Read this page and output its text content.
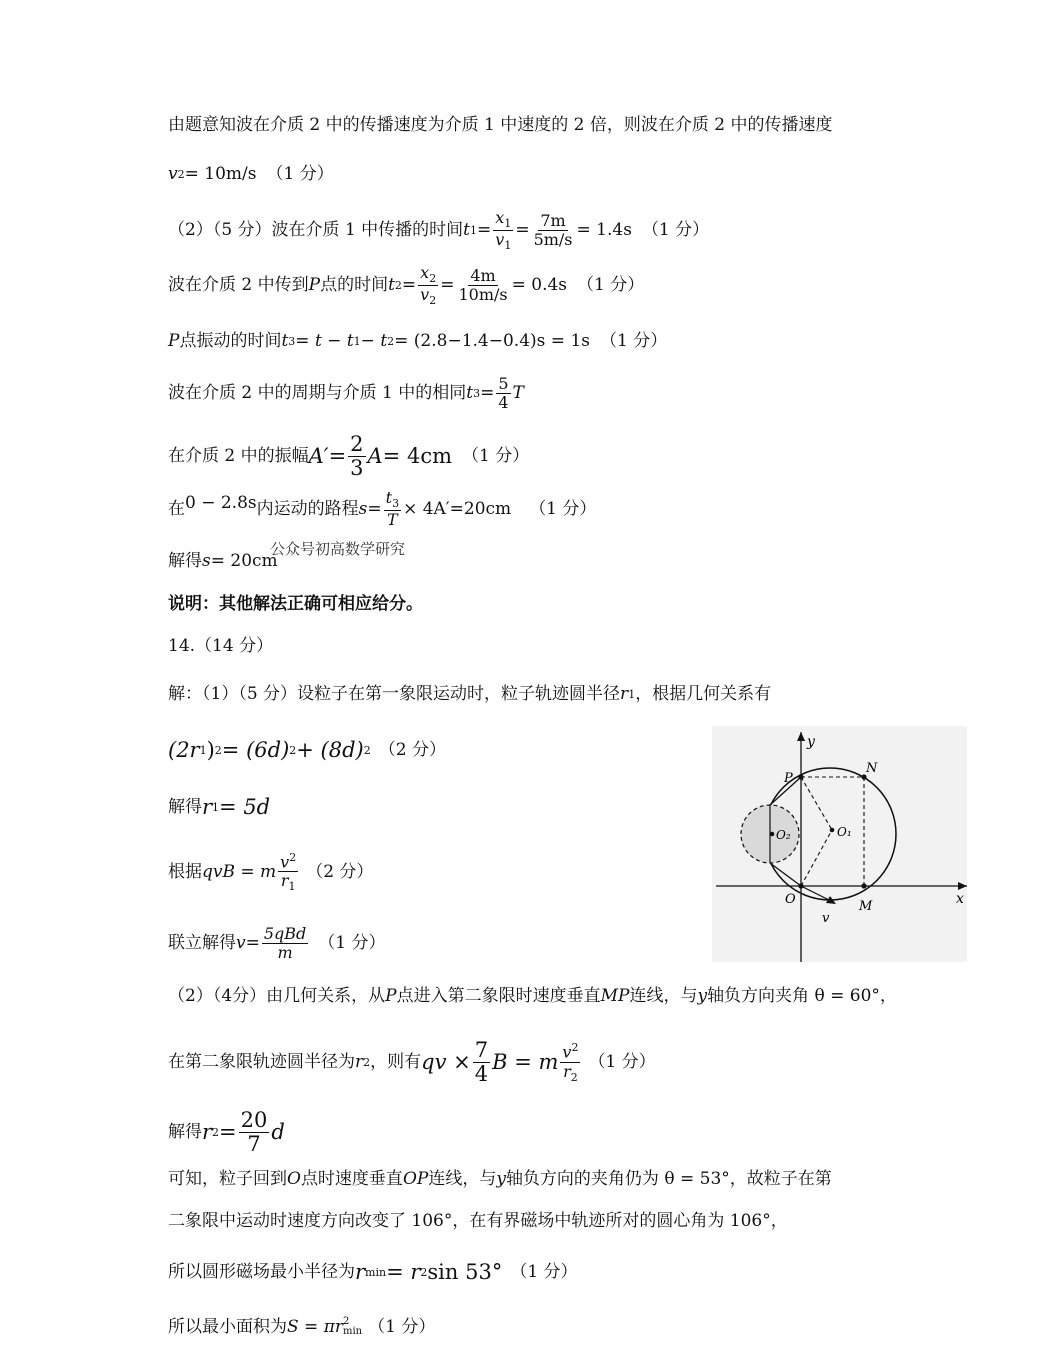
由题意知波在介质 2 中的传播速度为介质 1 中速度的 2 倍，则波在介质 2 中的传播速度
v 2 = 10m/s （1 分）
（2）（5 分）波在介质 1 中传播的时间 t $1 = \frac{x_1}{v_1} = \frac{7m}{5m/s} = 1.4s$ （1 分）
波在介质 2 中传到 P 点的时间 t $2 = \frac{x_2}{v_2} = \frac{4m}{10m/s} = 0.4s$ （1 分）
P 点振动的时间 t 3 = t − t 1 − t 2 = (2.8−1.4−0.4)s = 1s （1 分）
波在介质 2 中的周期与介质 1 中的相同 t $3 = \frac{5}{4}$ T
在介质 2 中的振幅 $A' = \frac{2}{3}$ A = 4cm （1 分）
在 0 − 2.8s 内运动的路程 $s = \frac{t_3}{T} \times 4A'=20cm$ （1 分）
公众号初高数学研究
解得 s = 20cm
说明：其他解法正确可相应给分。
14.（14 分）
解：（1）（5 分）设粒子在第一象限运动时，粒子轨迹圆半径 r 1 ，根据几何关系有
(2r 1 ) 2 = (6d) 2 + (8d) 2 （2 分）
解得 r 1 = 5d
根据 qvB = m $\frac{v^2}{r_1} (2$ 分）
联立解得 $v = \frac{\text{5qBd}}{m} (1$ 分）
（2）（4分）由几何关系，从 P 点进入第二象限时速度垂直 MP 连线，与 y 轴负方向夹角 θ = 60°，
在第二象限轨迹圆半径为 r 2 ，则有 qv × $\frac{7}{4}$ B = m $\frac{v^2}{r_2} (1$ 分）
解得 r $2 = \frac{20}{7}$ d
可知，粒子回到 O 点时速度垂直 OP 连线，与 y 轴负方向的夹角仍为 θ = 53°，故粒子在第
二象限中运动时速度方向改变了 106°，在有界磁场中轨迹所对的圆心角为 106°，
所以圆形磁场最小半径为 r min = r 2 sin 53° （1 分）
所以最小面积为 S = πr 2
min （1 分）
y
x
P
N
O	M
O₁
O₂
v
